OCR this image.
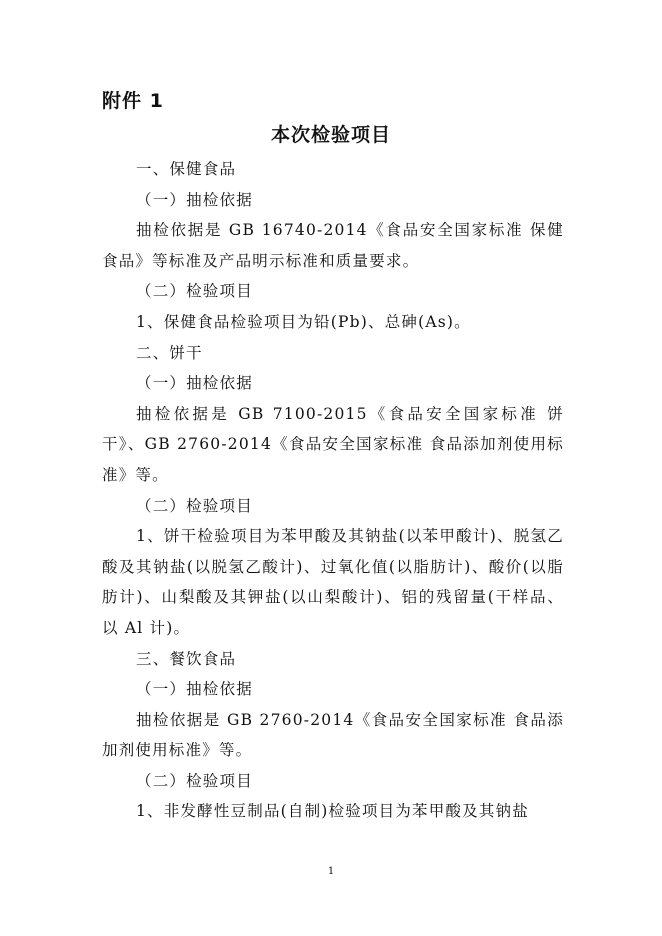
附件 1
本次检验项目

一、保健食品

（一）抽检依据

抽检依据是 GB 16740-2014《食品安全国家标准 保健食品》等标准及产品明示标准和质量要求。

（二）检验项目

1、保健食品检验项目为铅(Pb)、总砷(As)。

二、饼干

（一）抽检依据

抽检依据是 GB 7100-2015《食品安全国家标准 饼干》、GB 2760-2014《食品安全国家标准 食品添加剂使用标准》等。

（二）检验项目

1、饼干检验项目为苯甲酸及其钠盐(以苯甲酸计)、脱氢乙酸及其钠盐(以脱氢乙酸计)、过氧化值(以脂肪计)、酸价(以脂肪计)、山梨酸及其钾盐(以山梨酸计)、铝的残留量(干样品、以 Al 计)。

三、餐饮食品

（一）抽检依据

抽检依据是 GB 2760-2014《食品安全国家标准 食品添加剂使用标准》等。

（二）检验项目

1、非发酵性豆制品(自制)检验项目为苯甲酸及其钠盐

1
